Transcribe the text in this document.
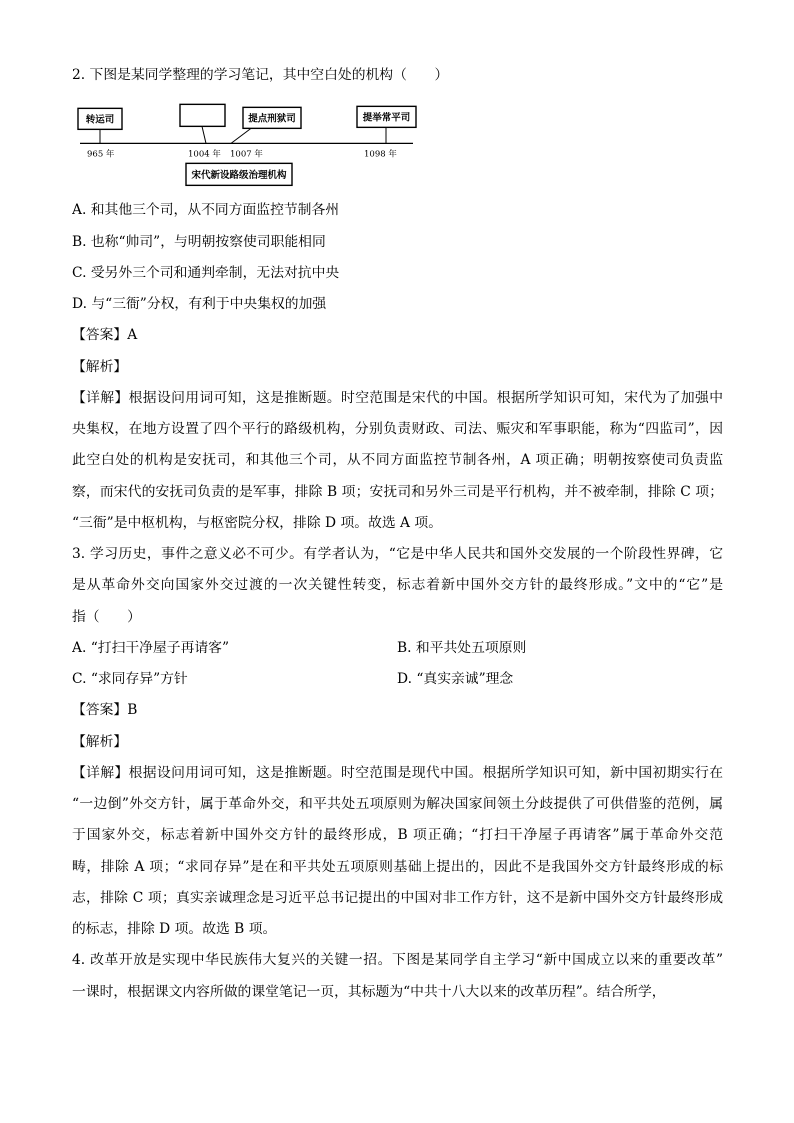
2. 下图是某同学整理的学习笔记，其中空白处的机构（　　）
转运司	提点刑狱司	提举常平司
965 年	1004 年 1007 年	1098 年
宋代新设路级治理机构
A. 和其他三个司，从不同方面监控节制各州
B. 也称“帅司”，与明朝按察使司职能相同
C. 受另外三个司和通判牵制，无法对抗中央
D. 与“三衙”分权，有利于中央集权的加强
【答案】A
【解析】
【详解】根据设问用词可知，这是推断题。时空范围是宋代的中国。根据所学知识可知，宋代为了加强中
央集权，在地方设置了四个平行的路级机构，分别负责财政、司法、赈灾和军事职能，称为“四监司”，因
此空白处的机构是安抚司，和其他三个司，从不同方面监控节制各州，A 项正确；明朝按察使司负责监
察，而宋代的安抚司负责的是军事，排除 B 项；安抚司和另外三司是平行机构，并不被牵制，排除 C 项；
“三衙”是中枢机构，与枢密院分权，排除 D 项。故选 A 项。
3. 学习历史，事件之意义必不可少。有学者认为，“它是中华人民共和国外交发展的一个阶段性界碑，它
是从革命外交向国家外交过渡的一次关键性转变，标志着新中国外交方针的最终形成。”文中的“它”是
指（　　）
A. “打扫干净屋子再请客”	B. 和平共处五项原则
C. “求同存异”方针	D. “真实亲诚”理念
【答案】B
【解析】
【详解】根据设问用词可知，这是推断题。时空范围是现代中国。根据所学知识可知，新中国初期实行在
“一边倒”外交方针，属于革命外交，和平共处五项原则为解决国家间领土分歧提供了可供借鉴的范例，属
于国家外交，标志着新中国外交方针的最终形成，B 项正确；“打扫干净屋子再请客”属于革命外交范
畴，排除 A 项；“求同存异”是在和平共处五项原则基础上提出的，因此不是我国外交方针最终形成的标
志，排除 C 项；真实亲诚理念是习近平总书记提出的中国对非工作方针，这不是新中国外交方针最终形成
的标志，排除 D 项。故选 B 项。
4. 改革开放是实现中华民族伟大复兴的关键一招。下图是某同学自主学习“新中国成立以来的重要改革”
一课时，根据课文内容所做的课堂笔记一页，其标题为“中共十八大以来的改革历程”。结合所学，
